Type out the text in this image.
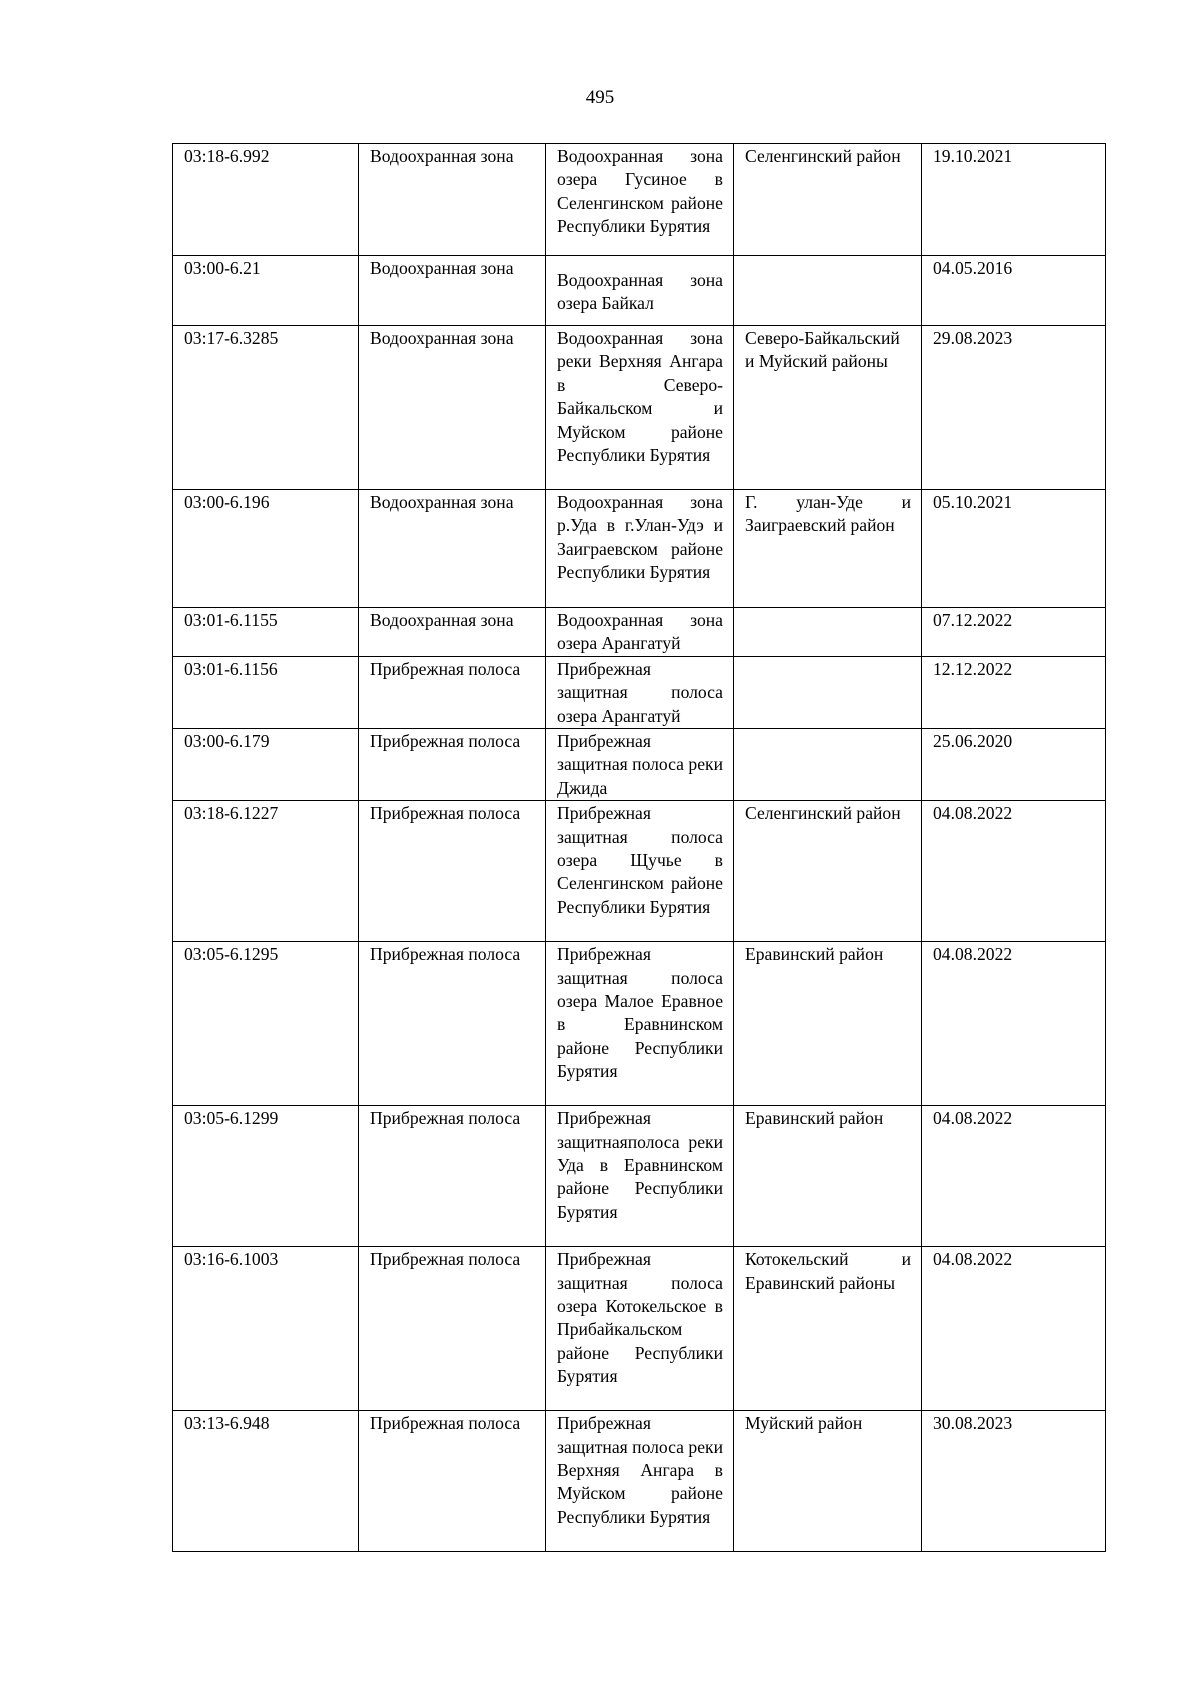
495
03:18-6.992	Водоохранная зона	Водоохранная зона озера Гусиное в Селенгинском районе Республики Бурятия	Селенгинский район	19.10.2021
03:00-6.21	Водоохранная зона	Водоохранная зона озера Байкал		04.05.2016
03:17-6.3285	Водоохранная зона	Водоохранная зона реки Верхняя Ангара в Северо-Байкальском и Муйском районе Республики Бурятия	Северо-Байкальский и Муйский районы	29.08.2023
03:00-6.196	Водоохранная зона	Водоохранная зона р.Уда в г.Улан-Удэ и Заиграевском районе Республики Бурятия	Г. улан-Уде и Заиграевский район	05.10.2021
03:01-6.1155	Водоохранная зона	Водоохранная зона озера Арангатуй		07.12.2022
03:01-6.1156	Прибрежная полоса	Прибрежная защитная полоса озера Арангатуй		12.12.2022
03:00-6.179	Прибрежная полоса	Прибрежная защитная полоса реки Джида		25.06.2020
03:18-6.1227	Прибрежная полоса	Прибрежная защитная полоса озера Щучье в Селенгинском районе Республики Бурятия	Селенгинский район	04.08.2022
03:05-6.1295	Прибрежная полоса	Прибрежная защитная полоса озера Малое Еравное в Еравнинском районе Республики Бурятия	Еравинский район	04.08.2022
03:05-6.1299	Прибрежная полоса	Прибрежная защитнаяполоса реки Уда в Еравнинском районе Республики Бурятия	Еравинский район	04.08.2022
03:16-6.1003	Прибрежная полоса	Прибрежная защитная полоса озера Котокельское в Прибайкальском районе Республики Бурятия	Котокельский и Еравинский районы	04.08.2022
03:13-6.948	Прибрежная полоса	Прибрежная защитная полоса реки Верхняя Ангара в Муйском районе Республики Бурятия	Муйский район	30.08.2023
